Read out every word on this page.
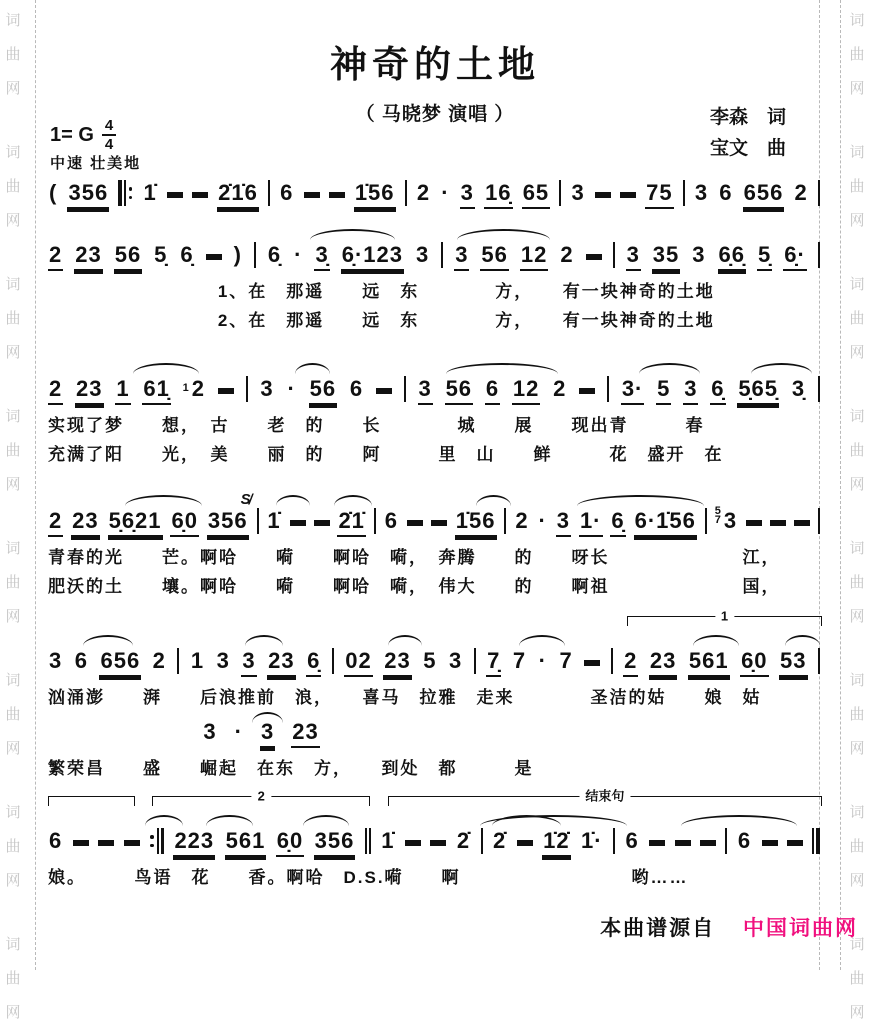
词
曲
网
词
曲
网
词
曲
网
词
曲
网
词
曲
网
词
曲
网
词
曲
网
词
曲
网
词
曲
网
词
曲
网
词
曲
网
词
曲
网
词
曲
网
词
曲
网
词
曲
网
词
曲
网
神奇的土地
（ 马晓梦 演唱 ）	李森　词
宝文　曲
1= G $\frac{4}{4}$
中速 壮美地
( 356 1̇	2̇1̇6 6	1̇56 2 · 3 16̣ 65 3	75 3 6 656 2
2 23 56 5̣ 6̣ ) 6̣ · 3̣ 6̣·123 3 3 56 12 2 3 35 3 6̣6̣ 5̣ 6̣·
1、在　那遥　　远　东　　　　方，　　有一块神奇的土地
2、在　那遥　　远　东　　　　方，　　有一块神奇的土地
2 23 1 61̣ 1 2	3 · 56 6	3 56 6 12 2	3· 5 3 6̣ 5̣65̣ 3̣
实现了梦　　想，　古　　老　的　　长　　　　城　　展　　现出青　　　春
充满了阳　　光，　美　　丽　的　　阿　　　里　山　　鲜　　　花　盛开　在
2 23 5̣6̣21 6̣0 356
S̸
1̇	2̇1̇ 6	1̇56 2 · 3 1· 6̣ 6·1̇56 5
7 3
青春的光　　芒。啊哈　　嗬　　啊哈　嗬，　奔腾　　的　　呀长　　　　　　　江，
肥沃的土　　壤。啊哈　　嗬　　啊哈　嗬，　伟大　　的　　啊祖　　　　　　　国，
1
3 6 656 2 1 3 3 23 6̣ 02 23 5 3 7̣ 7 · 7 2 23 561 6̣0 53
汹涌澎　　湃　　后浪推前　浪，　　喜马　拉雅　走来　　　　圣洁的姑　　娘　姑
3 · 3 23
繁荣昌　　盛　　崛起　在东　方，　　到处　都　　　是
2	结束句
6	223 561 6̣0 356 1̇	2̇ 2̇ 1̇2̇ 1̇· 6	6
娘。　　　鸟语　花　　香。啊哈　D.S.嗬　　啊　　　　　　　　　哟……
本曲谱源自 中国词曲网
